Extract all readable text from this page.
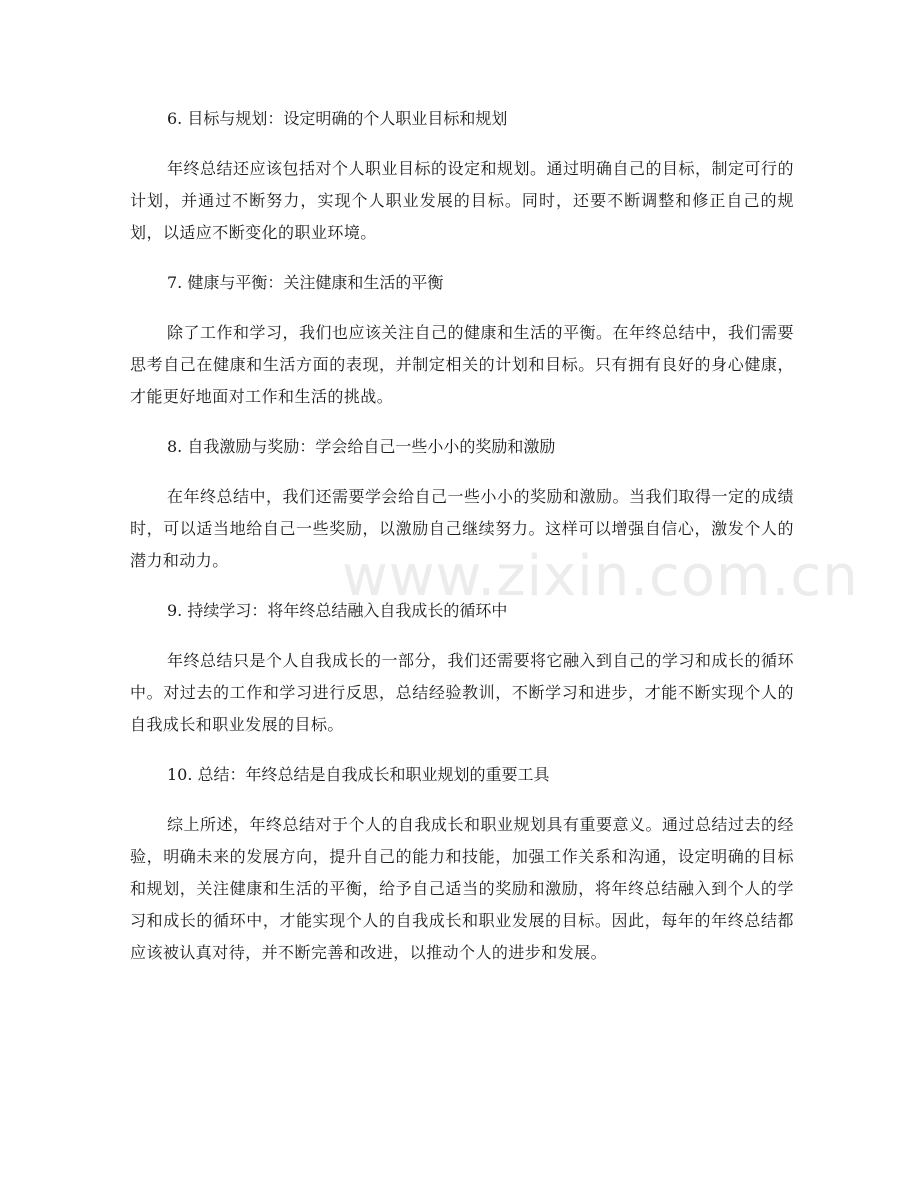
www.zixin.com.cn

6. 目标与规划：设定明确的个人职业目标和规划

年终总结还应该包括对个人职业目标的设定和规划。通过明确自己的目标，制定可行的计划，并通过不断努力，实现个人职业发展的目标。同时，还要不断调整和修正自己的规划，以适应不断变化的职业环境。

7. 健康与平衡：关注健康和生活的平衡

除了工作和学习，我们也应该关注自己的健康和生活的平衡。在年终总结中，我们需要思考自己在健康和生活方面的表现，并制定相关的计划和目标。只有拥有良好的身心健康，才能更好地面对工作和生活的挑战。

8. 自我激励与奖励：学会给自己一些小小的奖励和激励

在年终总结中，我们还需要学会给自己一些小小的奖励和激励。当我们取得一定的成绩时，可以适当地给自己一些奖励，以激励自己继续努力。这样可以增强自信心，激发个人的潜力和动力。

9. 持续学习：将年终总结融入自我成长的循环中

年终总结只是个人自我成长的一部分，我们还需要将它融入到自己的学习和成长的循环中。对过去的工作和学习进行反思，总结经验教训，不断学习和进步，才能不断实现个人的自我成长和职业发展的目标。

10. 总结：年终总结是自我成长和职业规划的重要工具

综上所述，年终总结对于个人的自我成长和职业规划具有重要意义。通过总结过去的经验，明确未来的发展方向，提升自己的能力和技能，加强工作关系和沟通，设定明确的目标和规划，关注健康和生活的平衡，给予自己适当的奖励和激励，将年终总结融入到个人的学习和成长的循环中，才能实现个人的自我成长和职业发展的目标。因此，每年的年终总结都应该被认真对待，并不断完善和改进，以推动个人的进步和发展。
